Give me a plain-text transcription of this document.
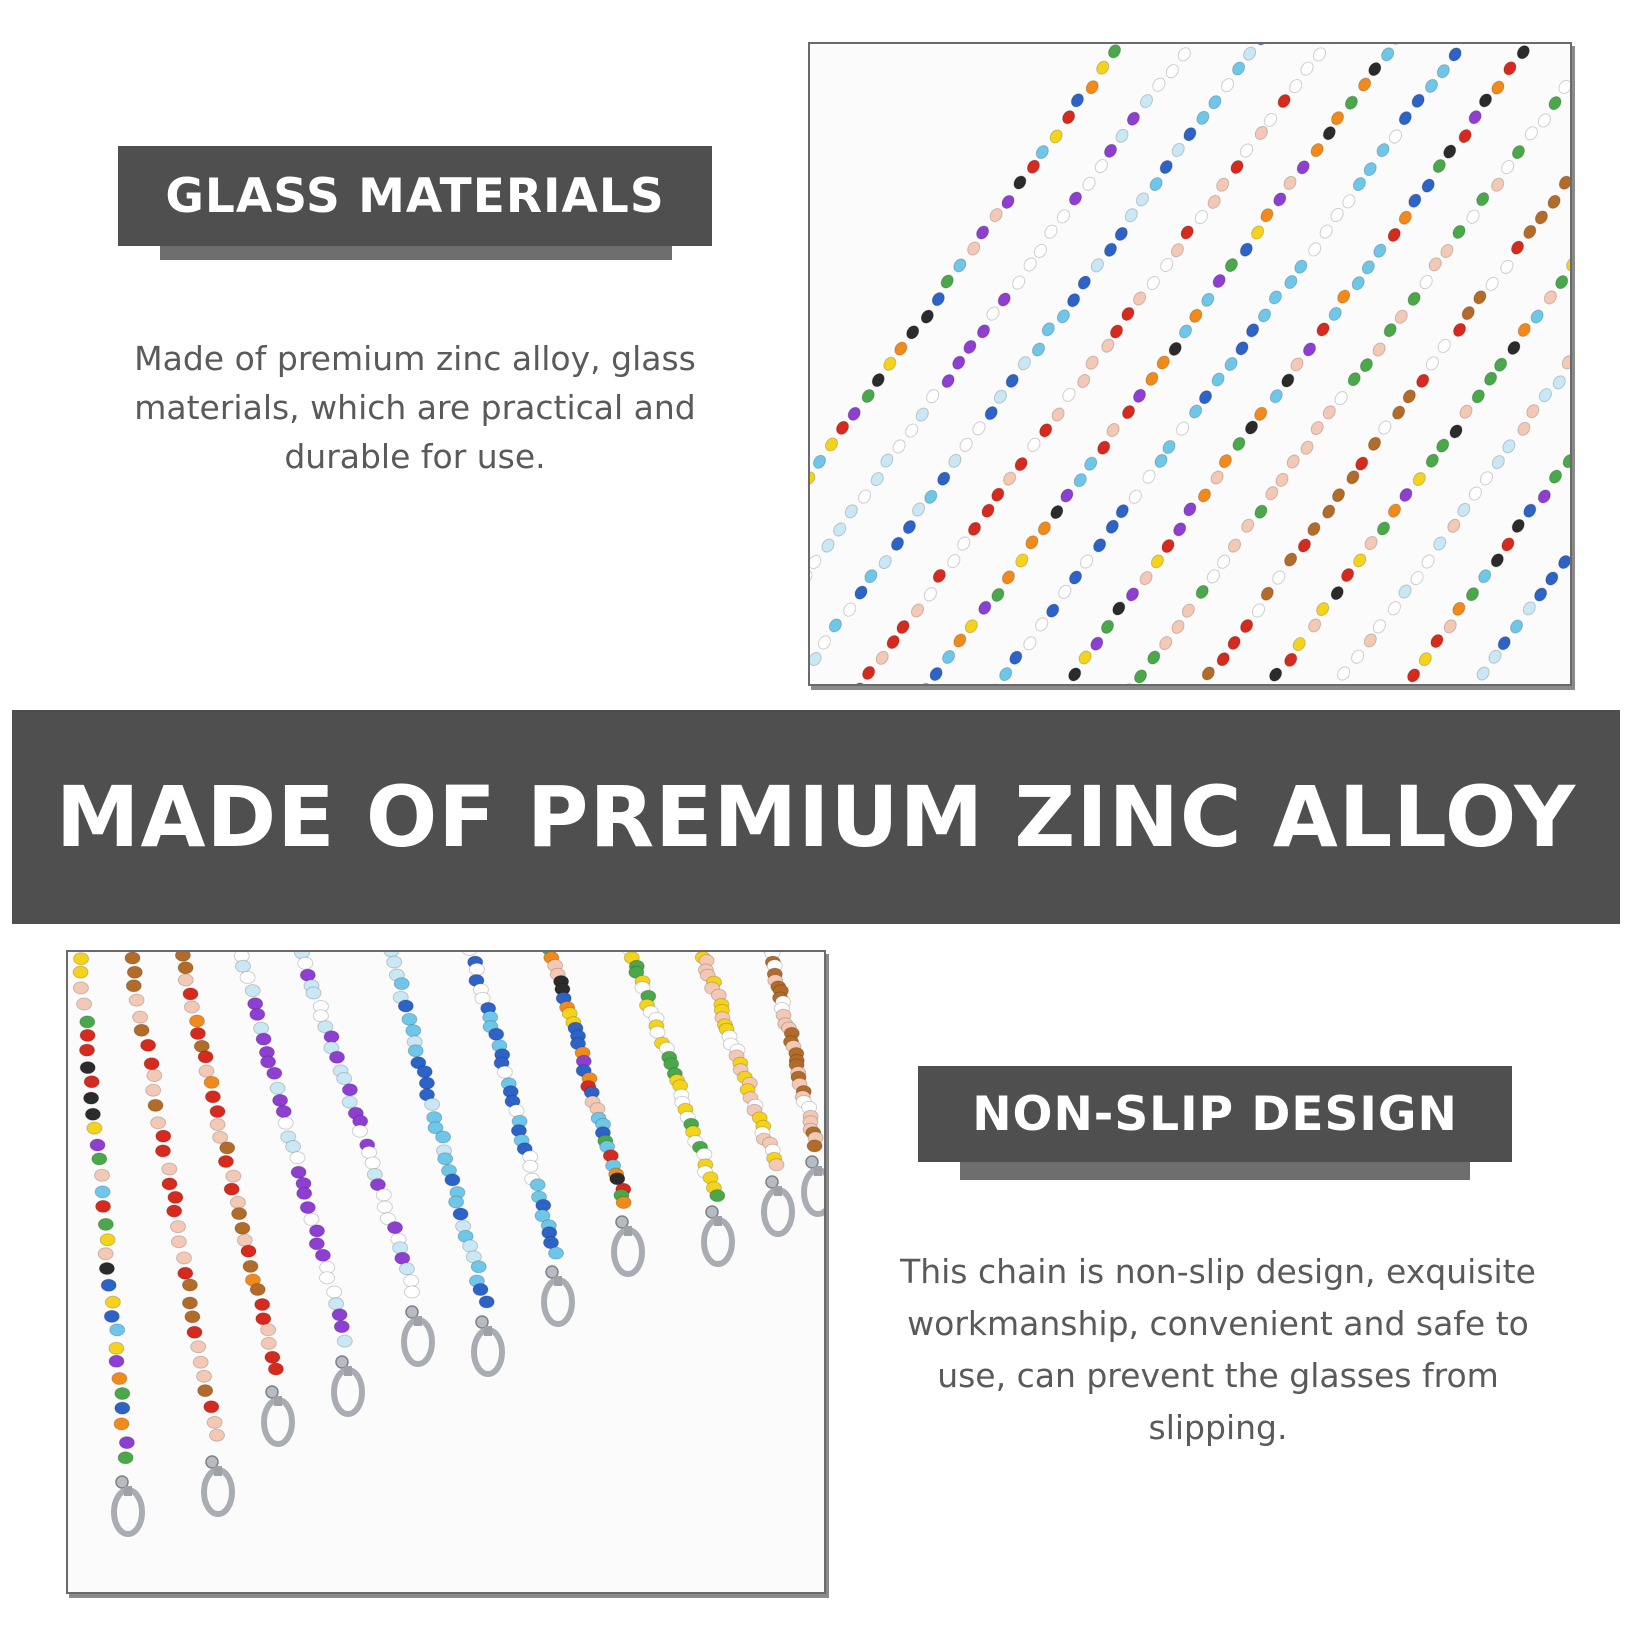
GLASS MATERIALS
Made of premium zinc alloy, glass materials, which are practical and durable for use.
MADE OF PREMIUM ZINC ALLOY
NON-SLIP DESIGN
This chain is non-slip design, exquisite workmanship, convenient and safe to use, can prevent the glasses from slipping.
